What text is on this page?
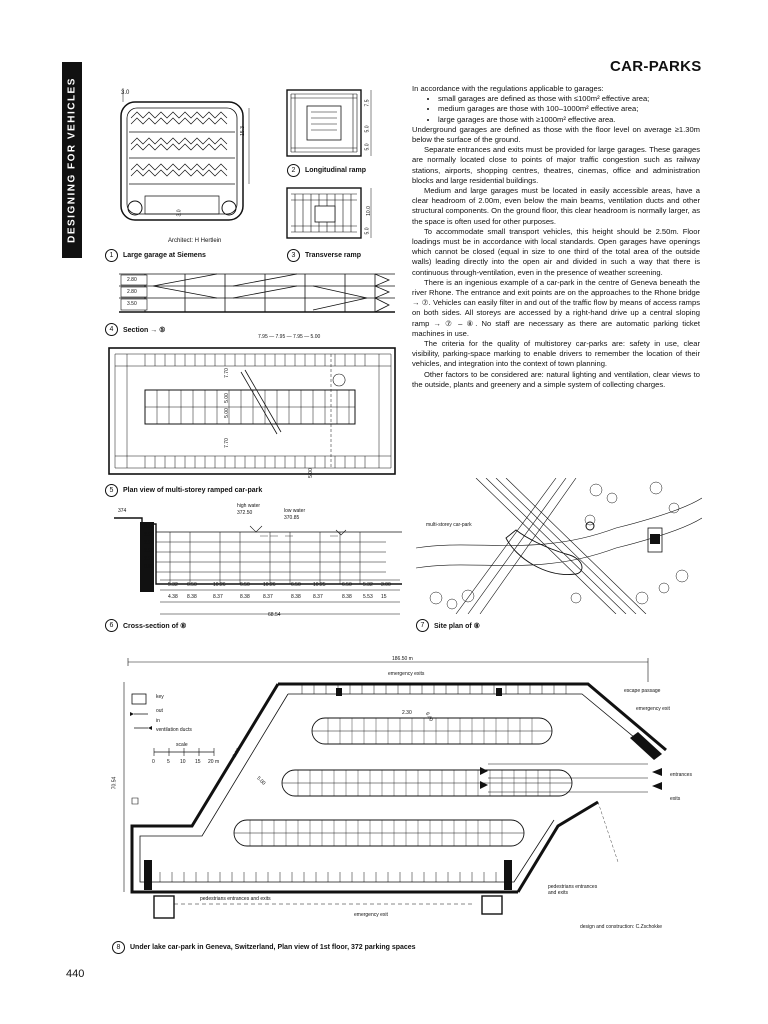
DESIGNING FOR VEHICLES
CAR-PARKS

In accordance with the regulations applicable to garages:

• small garages are defined as those with ≤100m² effective area;
• medium garages are those with 100–1000m² effective area;
• large garages are those with ≥1000m² effective area.

Underground garages are defined as those with the floor level on average ≥1.30m below the surface of the ground.

Separate entrances and exits must be provided for large garages. These garages are normally located close to points of major traffic congestion such as railway stations, airports, shopping centres, theatres, cinemas, office and administration blocks and large residential buildings.

Medium and large garages must be located in easily accessible areas, have a clear headroom of 2.00m, even below the main beams, ventilation ducts and other structural components. On the ground floor, this clear headroom is normally larger, as the space is often used for other purposes.

To accommodate small transport vehicles, this height should be 2.50m. Floor loadings must be in accordance with local standards. Open garages have openings which cannot be closed (equal in size to one third of the total area of the outside walls) leading directly into the open air and divided in such a way that there is continuous through-ventilation, even in the presence of weather screening.

There is an ingenious example of a car-park in the centre of Geneva beneath the river Rhone. The entrance and exit points are on the approaches to the Rhone bridge → ⑦. Vehicles can easily filter in and out of the traffic flow by means of access ramps on both sides. All storeys are accessed by a right-hand drive up a central sloping ramp → ⑦ – ⑧. No staff are necessary as there are automatic parking ticket machines in use.

The criteria for the quality of multistorey car-parks are: safety in use, clear visibility, parking-space marking to enable drivers to remember the location of their vehicles, and integration into the context of town planning.

Other factors to be considered are: natural lighting and ventilation, clear views to the outside, plants and greenery and a simple system of collecting charges.

3.0
15.3
3.0
Architect: H Hertlein
1	Large garage at Siemens
7.5
5.0
5.0
2	Longitudinal ramp
10.0
5.0
3	Transverse ramp
2.80
2.80
3.50
4	Section → ⑤
7.95 — 7.95 — 7.95 — 5.00
7.70
5.00
5.00
7.70
5.00
5	Plan view of multi-storey ramped car-park
high water
372.50	low water
370.85
374
0.55
2.20
2.20
2.20
2.20
0.86
5.32 6.50	10.26	6.50	10.26	6.50 10.25	6.50 5.32 3.00
4.38 8.38	8.37	8.38	8.37	8.38 8.37	8.38 5.53 15
68.54
6	Cross-section of ⑧
multi-storey car-park
7	Site plan of ⑧
186.50 m
70.54
emergency exits
escape passage
emergency exit
entrances
exits
pedestrians entrances and exits
pedestrians entrances and exits
emergency exit
2.30 6.40
2.30
5.00
key
out
in
ventilation ducts
scale
0 5 10 15 20 m
design and construction: C.Zschokke
8	Under lake car-park in Geneva, Switzerland, Plan view of 1st floor, 372 parking spaces
440
